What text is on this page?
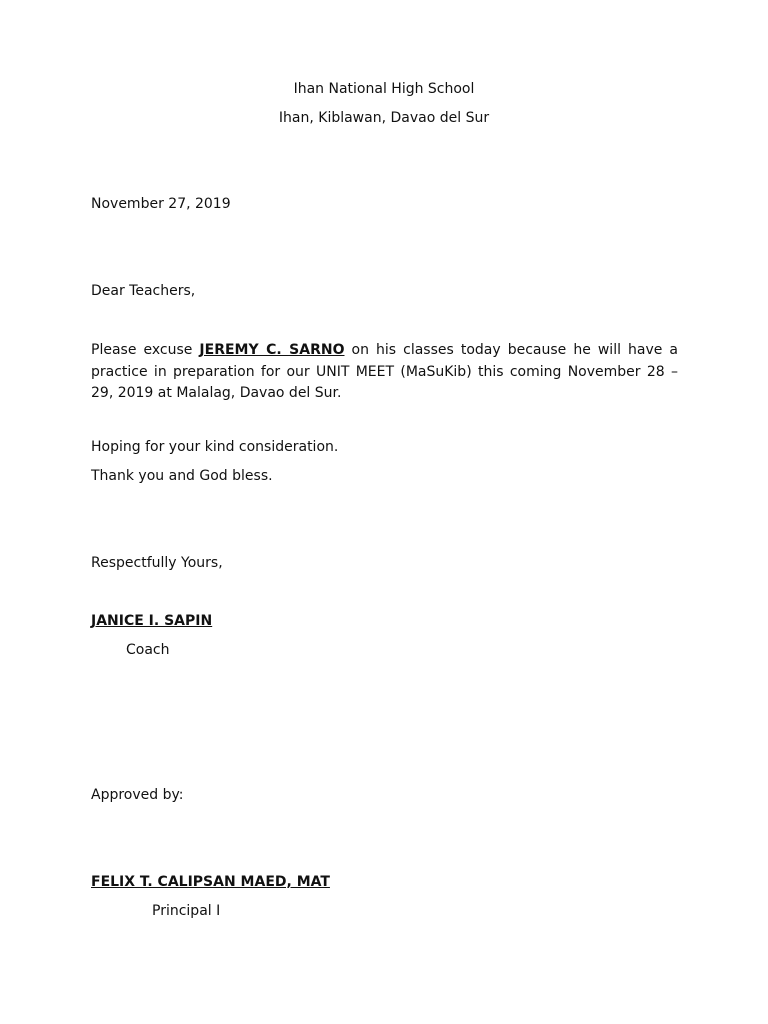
Ihan National High School
Ihan, Kiblawan, Davao del Sur
November 27, 2019
Dear Teachers,
Please excuse JEREMY C. SARNO on his classes today because he will have a practice in preparation for our UNIT MEET (MaSuKib) this coming November 28 – 29, 2019 at Malalag, Davao del Sur.
Hoping for your kind consideration.
Thank you and God bless.
Respectfully Yours,
JANICE I. SAPIN
Coach
Approved by:
FELIX T. CALIPSAN MAED, MAT
Principal I
